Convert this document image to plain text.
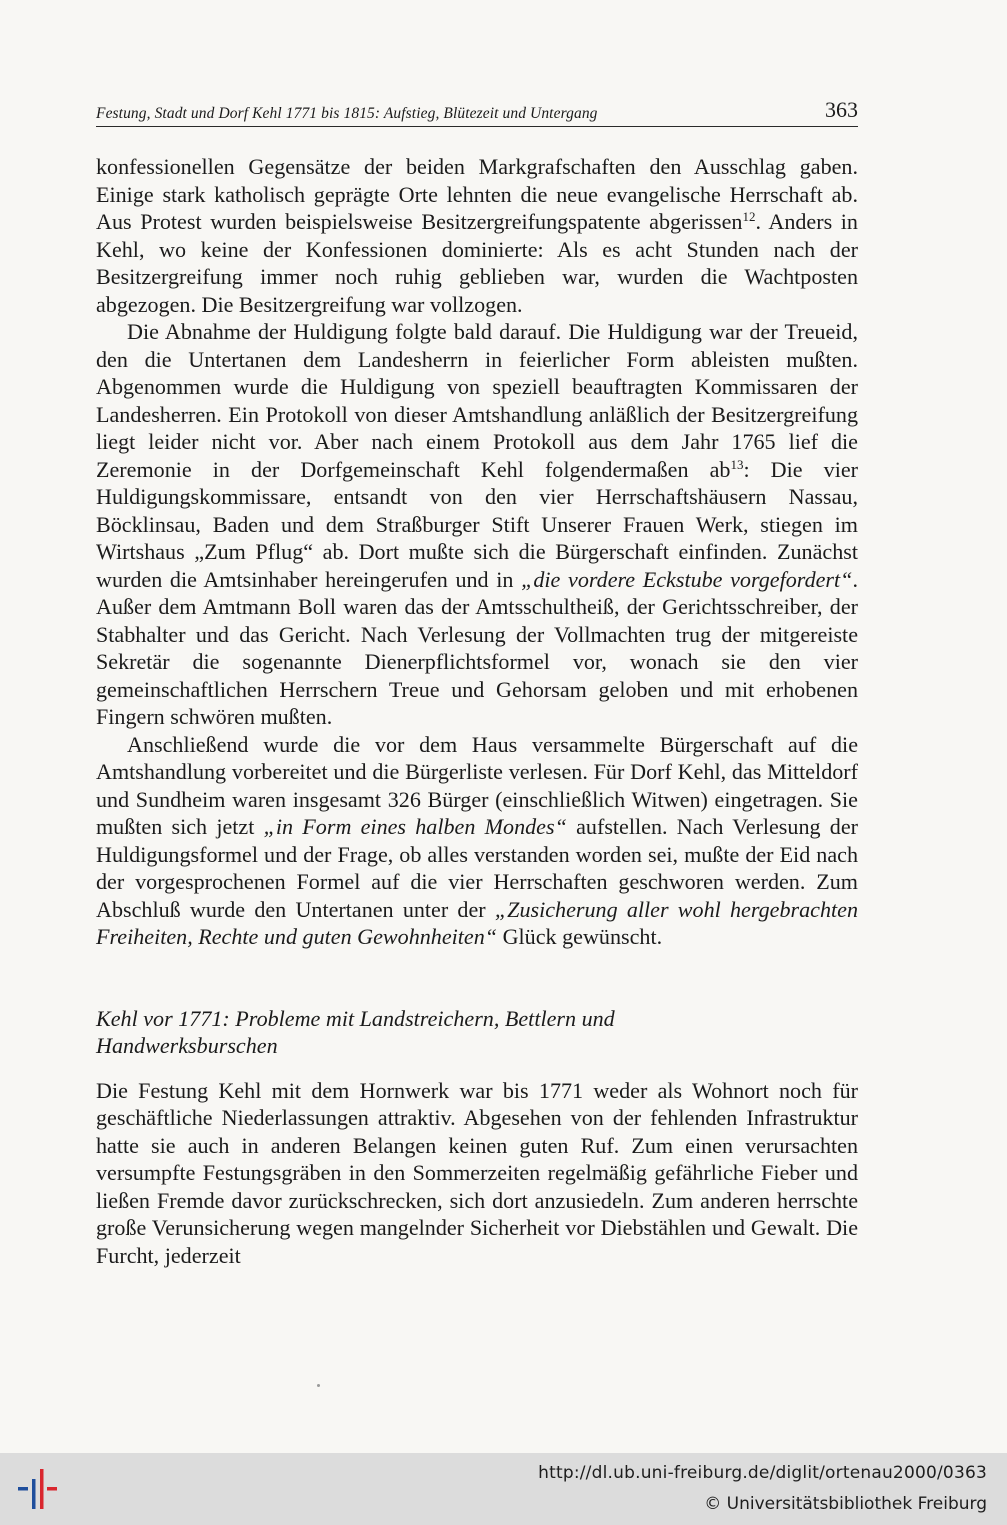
Festung, Stadt und Dorf Kehl 1771 bis 1815: Aufstieg, Blütezeit und Untergang	363

konfessionellen Gegensätze der beiden Markgrafschaften den Ausschlag gaben. Einige stark katholisch geprägte Orte lehnten die neue evangelische Herrschaft ab. Aus Protest wurden beispielsweise Besitzergreifungspatente abgerissen$^{12}$. Anders in Kehl, wo keine der Konfessionen dominierte: Als es acht Stunden nach der Besitzergreifung immer noch ruhig geblieben war, wurden die Wachtposten abgezogen. Die Besitzergreifung war vollzogen.

Die Abnahme der Huldigung folgte bald darauf. Die Huldigung war der Treueid, den die Untertanen dem Landesherrn in feierlicher Form ableisten mußten. Abgenommen wurde die Huldigung von speziell beauftragten Kommissaren der Landesherren. Ein Protokoll von dieser Amtshandlung anläßlich der Besitzergreifung liegt leider nicht vor. Aber nach einem Protokoll aus dem Jahr 1765 lief die Zeremonie in der Dorfgemeinschaft Kehl folgendermaßen $ab^{13}$: Die vier Huldigungskommissare, entsandt von den vier Herrschaftshäusern Nassau, Böcklinsau, Baden und dem Straßburger Stift Unserer Frauen Werk, stiegen im Wirtshaus „Zum Pflug“ ab. Dort mußte sich die Bürgerschaft einfinden. Zunächst wurden die Amtsinhaber hereingerufen und in „die vordere Eckstube vorgefordert“. Außer dem Amtmann Boll waren das der Amtsschultheiß, der Gerichtsschreiber, der Stabhalter und das Gericht. Nach Verlesung der Vollmachten trug der mitgereiste Sekretär die sogenannte Dienerpflichtsformel vor, wonach sie den vier gemeinschaftlichen Herrschern Treue und Gehorsam geloben und mit erhobenen Fingern schwören mußten.

Anschließend wurde die vor dem Haus versammelte Bürgerschaft auf die Amtshandlung vorbereitet und die Bürgerliste verlesen. Für Dorf Kehl, das Mitteldorf und Sundheim waren insgesamt 326 Bürger (einschließlich Witwen) eingetragen. Sie mußten sich jetzt „in Form eines halben Mondes“ aufstellen. Nach Verlesung der Huldigungsformel und der Frage, ob alles verstanden worden sei, mußte der Eid nach der vorgesprochenen Formel auf die vier Herrschaften geschworen werden. Zum Abschluß wurde den Untertanen unter der „Zusicherung aller wohl hergebrachten Freiheiten, Rechte und guten Gewohnheiten“ Glück gewünscht.

Kehl vor 1771: Probleme mit Landstreichern, Bettlern und
Handwerksburschen

Die Festung Kehl mit dem Hornwerk war bis 1771 weder als Wohnort noch für geschäftliche Niederlassungen attraktiv. Abgesehen von der fehlenden Infrastruktur hatte sie auch in anderen Belangen keinen guten Ruf. Zum einen verursachten versumpfte Festungsgräben in den Sommerzeiten regelmäßig gefährliche Fieber und ließen Fremde davor zurückschrecken, sich dort anzusiedeln. Zum anderen herrschte große Verunsicherung wegen mangelnder Sicherheit vor Diebstählen und Gewalt. Die Furcht, jederzeit

http://dl.ub.uni-freiburg.de/diglit/ortenau2000/0363
© Universitätsbibliothek Freiburg
